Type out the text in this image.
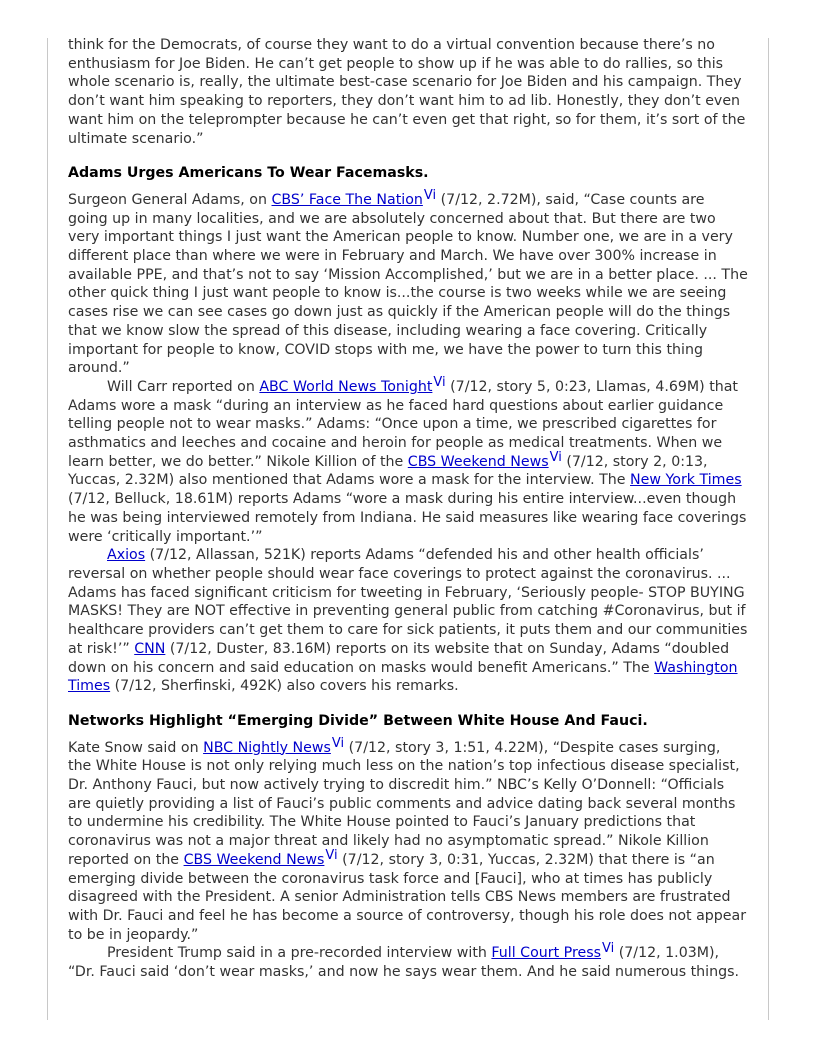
think for the Democrats, of course they want to do a virtual convention because there’s no enthusiasm for Joe Biden. He can’t get people to show up if he was able to do rallies, so this whole scenario is, really, the ultimate best-case scenario for Joe Biden and his campaign. They don’t want him speaking to reporters, they don’t want him to ad lib. Honestly, they don’t even want him on the teleprompter because he can’t even get that right, so for them, it’s sort of the ultimate scenario.”

Adams Urges Americans To Wear Facemasks.

Surgeon General Adams, on CBS’ Face The Nation$^{Vi}$ (7/12, 2.72M), said, “Case counts are going up in many localities, and we are absolutely concerned about that. But there are two very important things I just want the American people to know. Number one, we are in a very different place than where we were in February and March. We have over 300% increase in available PPE, and that’s not to say ‘Mission Accomplished,’ but we are in a better place. ... The other quick thing I just want people to know is...the course is two weeks while we are seeing cases rise we can see cases go down just as quickly if the American people will do the things that we know slow the spread of this disease, including wearing a face covering. Critically important for people to know, COVID stops with me, we have the power to turn this thing around.”

Will Carr reported on ABC World News Tonight$^{Vi}$ (7/12, story 5, 0:23, Llamas, 4.69M) that Adams wore a mask “during an interview as he faced hard questions about earlier guidance telling people not to wear masks.” Adams: “Once upon a time, we prescribed cigarettes for asthmatics and leeches and cocaine and heroin for people as medical treatments. When we learn better, we do better.” Nikole Killion of the CBS Weekend News$^{Vi}$ (7/12, story 2, 0:13, Yuccas, 2.32M) also mentioned that Adams wore a mask for the interview. The New York Times (7/12, Belluck, 18.61M) reports Adams “wore a mask during his entire interview...even though he was being interviewed remotely from Indiana. He said measures like wearing face coverings were ‘critically important.’”

Axios (7/12, Allassan, 521K) reports Adams “defended his and other health officials’ reversal on whether people should wear face coverings to protect against the coronavirus. ... Adams has faced significant criticism for tweeting in February, ‘Seriously people- STOP BUYING MASKS! They are NOT effective in preventing general public from catching #Coronavirus, but if healthcare providers can’t get them to care for sick patients, it puts them and our communities at risk!’” CNN (7/12, Duster, 83.16M) reports on its website that on Sunday, Adams “doubled down on his concern and said education on masks would benefit Americans.” The Washington Times (7/12, Sherfinski, 492K) also covers his remarks.

Networks Highlight “Emerging Divide” Between White House And Fauci.

Kate Snow said on NBC Nightly News$^{Vi}$ (7/12, story 3, 1:51, 4.22M), “Despite cases surging, the White House is not only relying much less on the nation’s top infectious disease specialist, Dr. Anthony Fauci, but now actively trying to discredit him.” NBC’s Kelly O’Donnell: “Officials are quietly providing a list of Fauci’s public comments and advice dating back several months to undermine his credibility. The White House pointed to Fauci’s January predictions that coronavirus was not a major threat and likely had no asymptomatic spread.” Nikole Killion reported on the CBS Weekend News$^{Vi}$ (7/12, story 3, 0:31, Yuccas, 2.32M) that there is “an emerging divide between the coronavirus task force and [Fauci], who at times has publicly disagreed with the President. A senior Administration tells CBS News members are frustrated with Dr. Fauci and feel he has become a source of controversy, though his role does not appear to be in jeopardy.”

President Trump said in a pre-recorded interview with Full Court Press$^{Vi}$ (7/12, 1.03M), “Dr. Fauci said ‘don’t wear masks,’ and now he says wear them. And he said numerous things.
